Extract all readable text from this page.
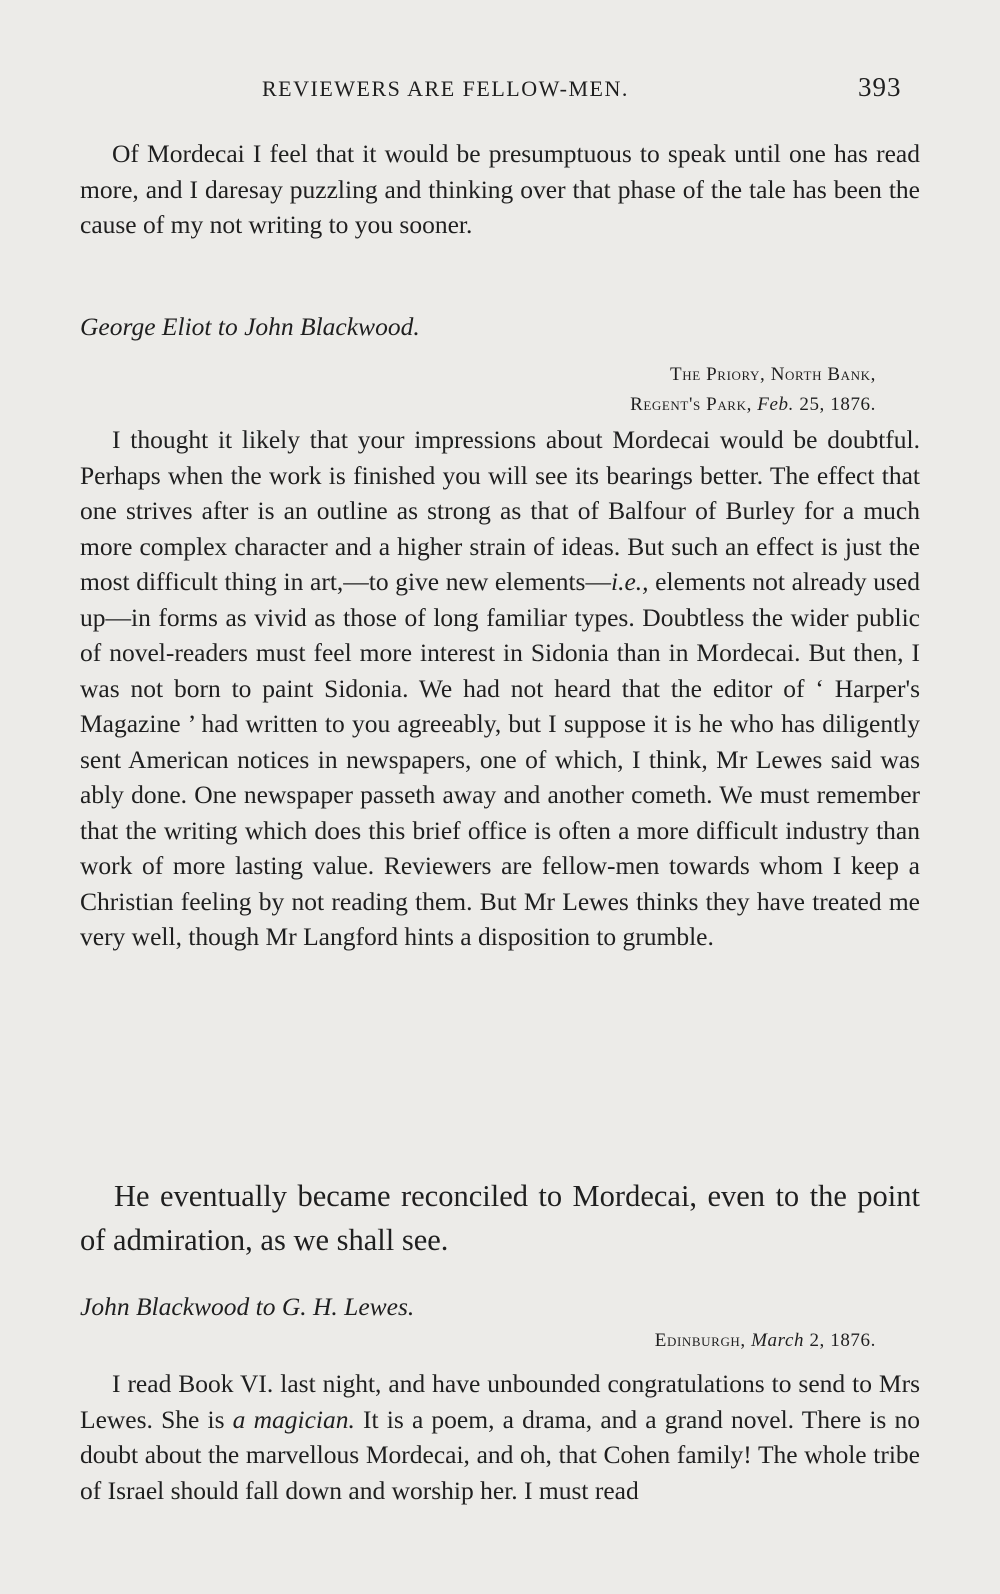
REVIEWERS ARE FELLOW-MEN.	393

Of Mordecai I feel that it would be presumptuous to speak until one has read more, and I daresay puzzling and thinking over that phase of the tale has been the cause of my not writing to you sooner.

George Eliot to John Blackwood.

The Priory, North Bank,
Regent's Park, Feb. 25, 1876.

I thought it likely that your impressions about Mordecai would be doubtful. Perhaps when the work is finished you will see its bearings better. The effect that one strives after is an outline as strong as that of Balfour of Burley for a much more complex character and a higher strain of ideas. But such an effect is just the most difficult thing in art,—to give new elements—i.e., elements not already used up—in forms as vivid as those of long familiar types. Doubtless the wider public of novel-readers must feel more interest in Sidonia than in Mordecai. But then, I was not born to paint Sidonia. We had not heard that the editor of ‘ Harper's Magazine ’ had written to you agreeably, but I suppose it is he who has diligently sent American notices in newspapers, one of which, I think, Mr Lewes said was ably done. One newspaper passeth away and another cometh. We must remember that the writing which does this brief office is often a more difficult industry than work of more lasting value. Reviewers are fellow-men towards whom I keep a Christian feeling by not reading them. But Mr Lewes thinks they have treated me very well, though Mr Langford hints a disposition to grumble.

He eventually became reconciled to Mordecai, even to the point of admiration, as we shall see.

John Blackwood to G. H. Lewes.

Edinburgh, March 2, 1876.

I read Book VI. last night, and have unbounded congratulations to send to Mrs Lewes. She is a magician. It is a poem, a drama, and a grand novel. There is no doubt about the marvellous Mordecai, and oh, that Cohen family! The whole tribe of Israel should fall down and worship her. I must read
